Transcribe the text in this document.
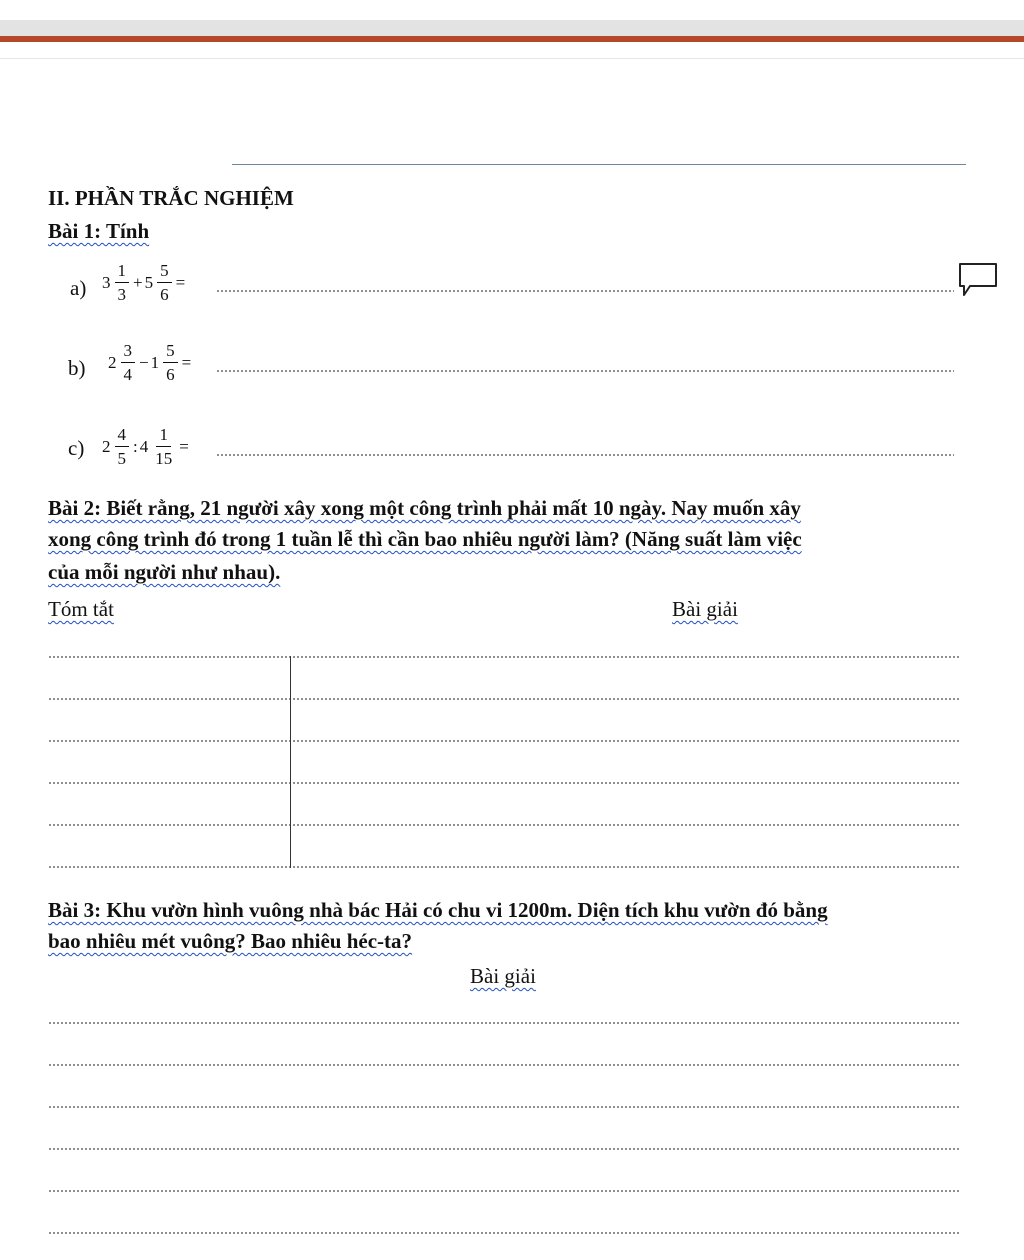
II. PHẦN TRẮC NGHIỆM
Bài 1: Tính
a) $3 \frac{1}{3} + 5 \frac{5}{6}$ =
b) $2 \frac{3}{4} - 1 \frac{5}{6}$ =
c) $2 \frac{4}{5}$ : $4 \frac{1}{15}$ =
Bài 2: Biết rằng, 21 người xây xong một công trình phải mất 10 ngày. Nay muốn xây
xong công trình đó trong 1 tuần lễ thì cần bao nhiêu người làm? (Năng suất làm việc
của mỗi người như nhau).
Tóm tắt	Bài giải
Bài 3: Khu vườn hình vuông nhà bác Hải có chu vi 1200m. Diện tích khu vườn đó bằng
bao nhiêu mét vuông? Bao nhiêu héc-ta?
Bài giải
